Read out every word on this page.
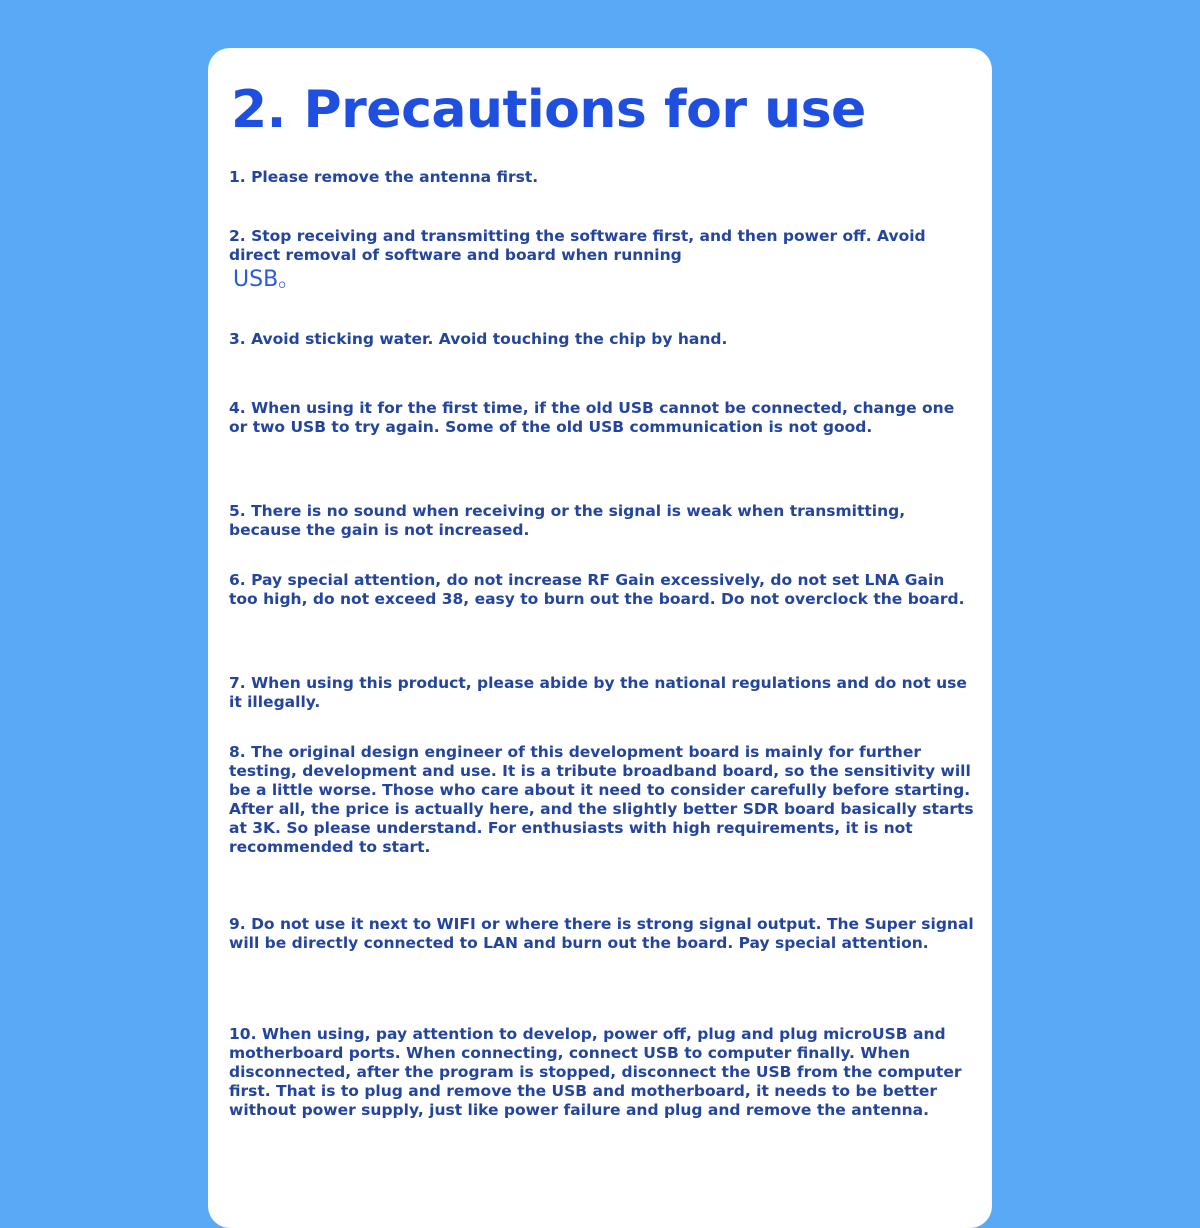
2. Precautions for use

1. Please remove the antenna first.

2. Stop receiving and transmitting the software first, and then power off. Avoid direct removal of software and board when running
USB。

3. Avoid sticking water. Avoid touching the chip by hand.

4. When using it for the first time, if the old USB cannot be connected, change one or two USB to try again. Some of the old USB communication is not good.

5. There is no sound when receiving or the signal is weak when transmitting, because the gain is not increased.

6. Pay special attention, do not increase RF Gain excessively, do not set LNA Gain too high, do not exceed 38, easy to burn out the board. Do not overclock the board.

7. When using this product, please abide by the national regulations and do not use it illegally.

8. The original design engineer of this development board is mainly for further testing, development and use. It is a tribute broadband board, so the sensitivity will be a little worse. Those who care about it need to consider carefully before starting. After all, the price is actually here, and the slightly better SDR board basically starts at 3K. So please understand. For enthusiasts with high requirements, it is not recommended to start.

9. Do not use it next to WIFI or where there is strong signal output. The Super signal will be directly connected to LAN and burn out the board. Pay special attention.

10. When using, pay attention to develop, power off, plug and plug microUSB and motherboard ports. When connecting, connect USB to computer finally. When disconnected, after the program is stopped, disconnect the USB from the computer first. That is to plug and remove the USB and motherboard, it needs to be better without power supply, just like power failure and plug and remove the antenna.
